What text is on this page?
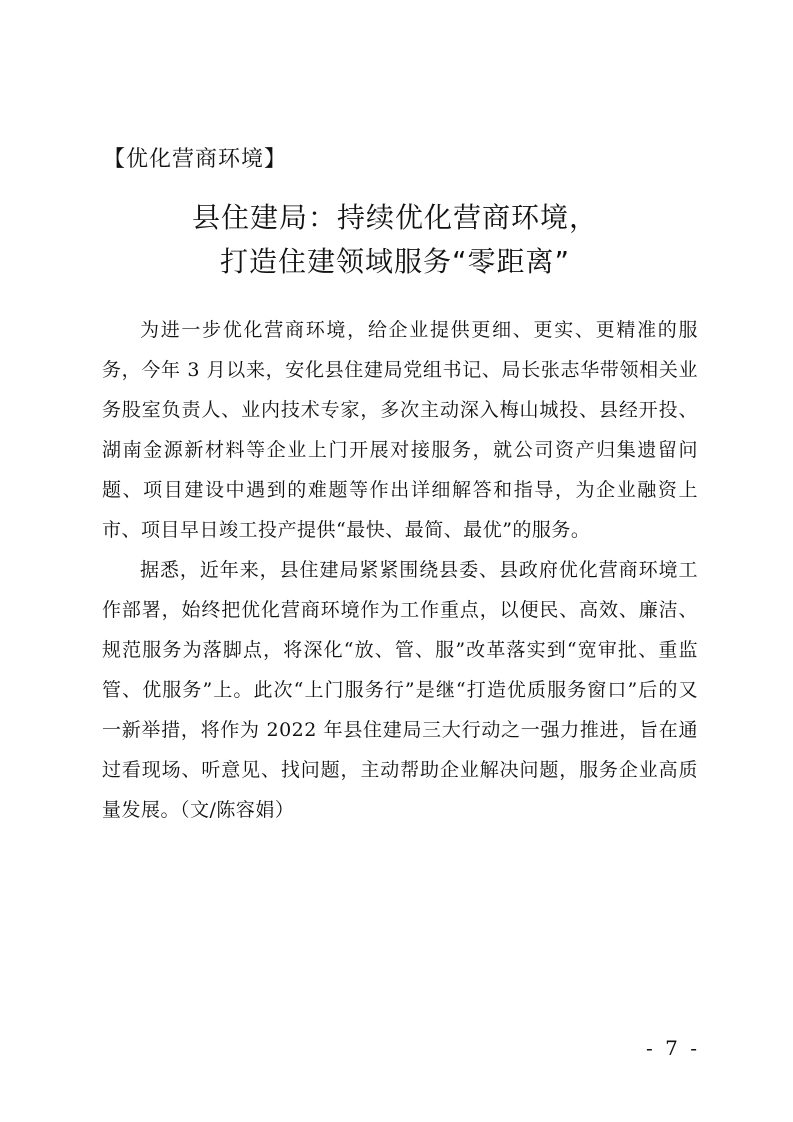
【优化营商环境】
县住建局：持续优化营商环境，
打造住建领域服务“零距离”

为进一步优化营商环境，给企业提供更细、更实、更精准的服务，今年 3 月以来，安化县住建局党组书记、局长张志华带领相关业务股室负责人、业内技术专家，多次主动深入梅山城投、县经开投、湖南金源新材料等企业上门开展对接服务，就公司资产归集遗留问题、项目建设中遇到的难题等作出详细解答和指导，为企业融资上市、项目早日竣工投产提供“最快、最简、最优”的服务。

据悉，近年来，县住建局紧紧围绕县委、县政府优化营商环境工作部署，始终把优化营商环境作为工作重点，以便民、高效、廉洁、规范服务为落脚点，将深化“放、管、服”改革落实到“宽审批、重监管、优服务”上。此次“上门服务行”是继“打造优质服务窗口”后的又一新举措，将作为 2022 年县住建局三大行动之一强力推进，旨在通过看现场、听意见、找问题，主动帮助企业解决问题，服务企业高质量发展。（文/陈容娟）

- 7 -
